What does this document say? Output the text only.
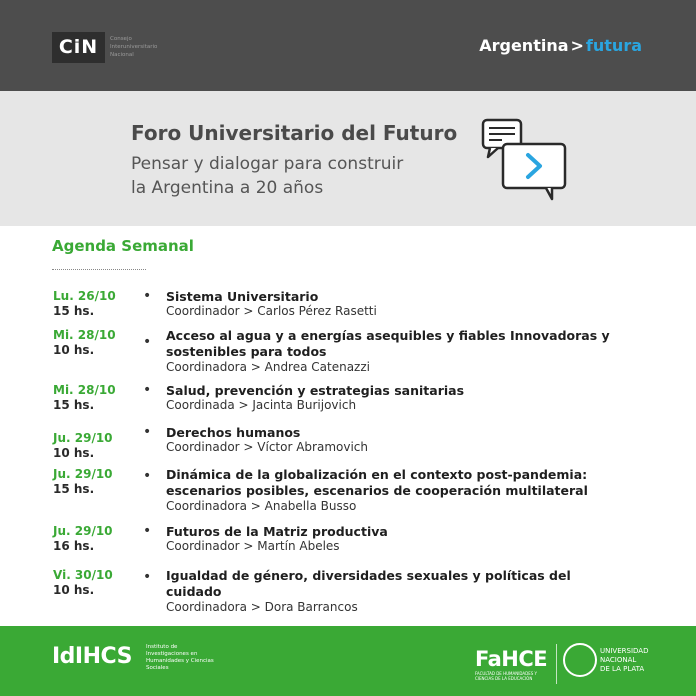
CiN	Consejo Interuniversitario Nacional	Argentina > futura
Foro Universitario del Futuro
Pensar y dialogar para construir
la Argentina a 20 años
Agenda Semanal
Lu. 26/10
15 hs.
• Sistema Universitario
Coordinador > Carlos Pérez Rasetti
Mi. 28/10
10 hs.	• Acceso al agua y a energías asequibles y fiables Innovadoras y sostenibles para todos
Coordinadora > Andrea Catenazzi
Mi. 28/10
15 hs.
• Salud, prevención y estrategias sanitarias
Coordinada > Jacinta Burijovich
Ju. 29/10
10 hs.
• Derechos humanos
Coordinador > Víctor Abramovich
Ju. 29/10
15 hs.
• Dinámica de la globalización en el contexto post-pandemia: escenarios posibles, escenarios de cooperación multilateral
Coordinadora > Anabella Busso
Ju. 29/10
16 hs.
• Futuros de la Matriz productiva
Coordinador > Martín Abeles
Vi. 30/10
10 hs.
• Igualdad de género, diversidades sexuales y políticas del cuidado
Coordinadora > Dora Barrancos
IdIHCS	Instituto de Investigaciones en Humanidades y Ciencias Sociales	FaHCE
FACULTAD DE HUMANIDADES Y CIENCIAS DE LA EDUCACIÓN
UNIVERSIDAD
NACIONAL
DE LA PLATA
